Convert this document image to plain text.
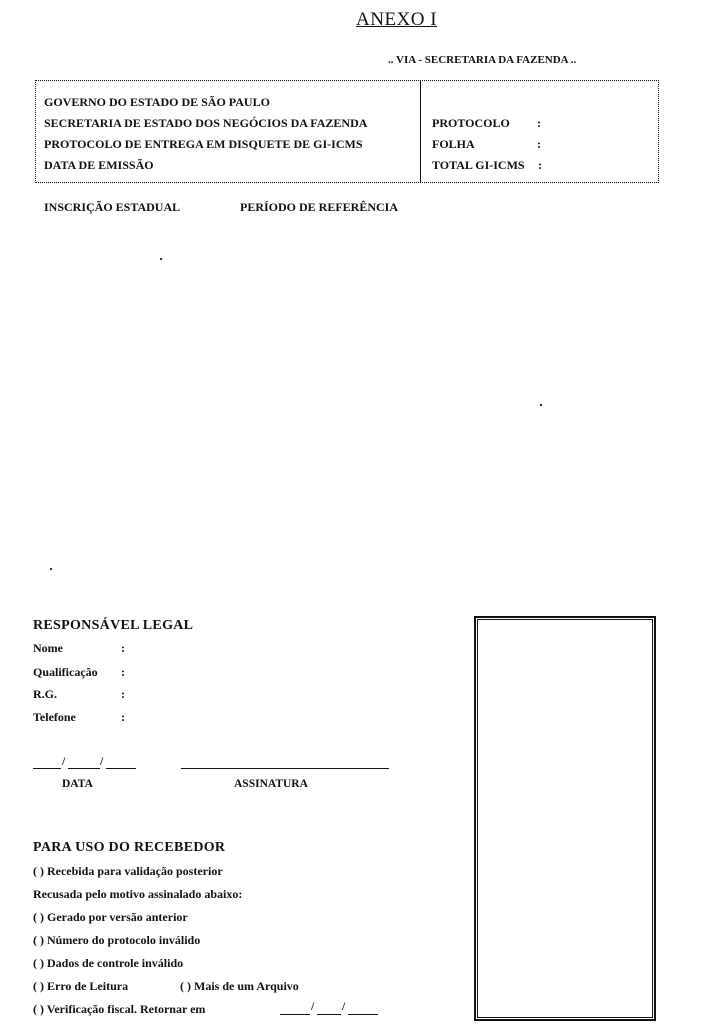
ANEXO I
.. VIA - SECRETARIA DA FAZENDA ..
GOVERNO DO ESTADO DE SÃO PAULO
SECRETARIA DE ESTADO DOS NEGÓCIOS DA FAZENDA
PROTOCOLO DE ENTREGA EM DISQUETE DE GI-ICMS
DATA DE EMISSÃO
PROTOCOLO :
FOLHA	:
TOTAL GI-ICMS :
INSCRIÇÃO ESTADUAL	PERÍODO DE REFERÊNCIA
RESPONSÁVEL LEGAL
Nome	:
Qualificação :
R.G.	:
Telefone	:
/	/
DATA	ASSINATURA
PARA USO DO RECEBEDOR
( ) Recebida para validação posterior
Recusada pelo motivo assinalado abaixo:
( ) Gerado por versão anterior
( ) Número do protocolo inválido
( ) Dados de controle inválido
( ) Erro de Leitura	( ) Mais de um Arquivo
( ) Verificação fiscal. Retornar em	/ /
